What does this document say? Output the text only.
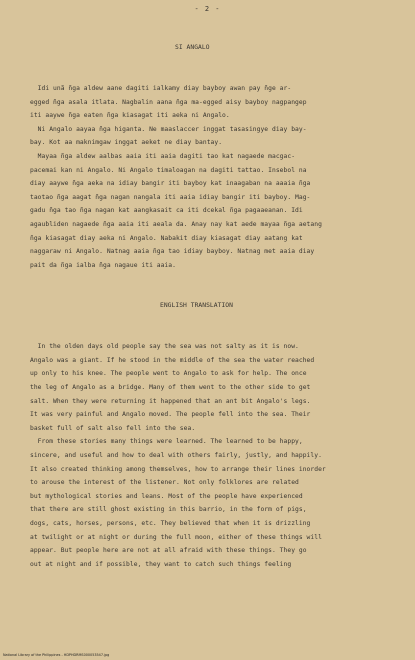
- 2 -

SI ANGALO

Idi unã ñga aldew aane dagiti ialkamy diay bayboy awan pay ñge ar-
egged ñga asala itlata. Nagbalin aana ñga ma-egged aisy bayboy nagpangep
iti aaywe ñga eaten ñga kiasagat iti aeka ni Angalo.
Ni Angalo aayaa ñga higanta. Ne maaslaccer inggat tasasingye diay bay-
bay. Kot aa maknimgaw inggat aeket ne diay bantay.
Mayaa ñga aldew aalbas aaia iti aaia dagiti tao kat nagaede macgac-
pacemai kan ni Angalo. Ni Angalo timaloagan na dagiti tattao. Insebol na
diay aaywe ñga aeka na idiay bangir iti bayboy kat inaagaban na aaaia ñga
taotao ñga aagat ñga nagan nangala iti aaia idiay bangir iti bayboy. Mag-
gadu ñga tao ñga nagan kat aangkasait ca iti dcekal ñga pagaaeanan. Idi
agaubliden nagaede ñga aaia iti aeala da. Anay nay kat aede mayaa ñga aetang
ñga kiasagat diay aeka ni Angalo. Nabakit diay kiasagat diay aatang kat
naggaraw ni Angalo. Natnag aaia ñga tao idiay bayboy. Natnag met aaia diay
pait da ñga ialba ñga nagaue iti aaia.

ENGLISH TRANSLATION

In the olden days old people say the sea was not salty as it is now.
Angalo was a giant. If he stood in the middle of the sea the water reached
up only to his knee. The people went to Angalo to ask for help. The once
the leg of Angalo as a bridge. Many of them went to the other side to get
salt. When they were returning it happened that an ant bit Angalo's legs.
It was very painful and Angalo moved. The people fell into the sea. Their
basket full of salt also fell into the sea.
From these stories many things were learned. The learned to be happy,
sincere, and useful and how to deal with others fairly, justly, and happily.
It also created thinking among themselves, how to arrange their lines inorder
to arouse the interest of the listener. Not only folklores are related
but mythological stories and leans. Most of the people have experienced
that there are still ghost existing in this barrio, in the form of pigs,
dogs, cats, horses, persons, etc. They believed that when it is drizzling
at twilight or at night or during the full moon, either of these things will
appear. But people here are not at all afraid with these things. They go
out at night and if possible, they want to catch such things feeling

National Library of the Philippines - HDPHDRMS000053547.jpg
